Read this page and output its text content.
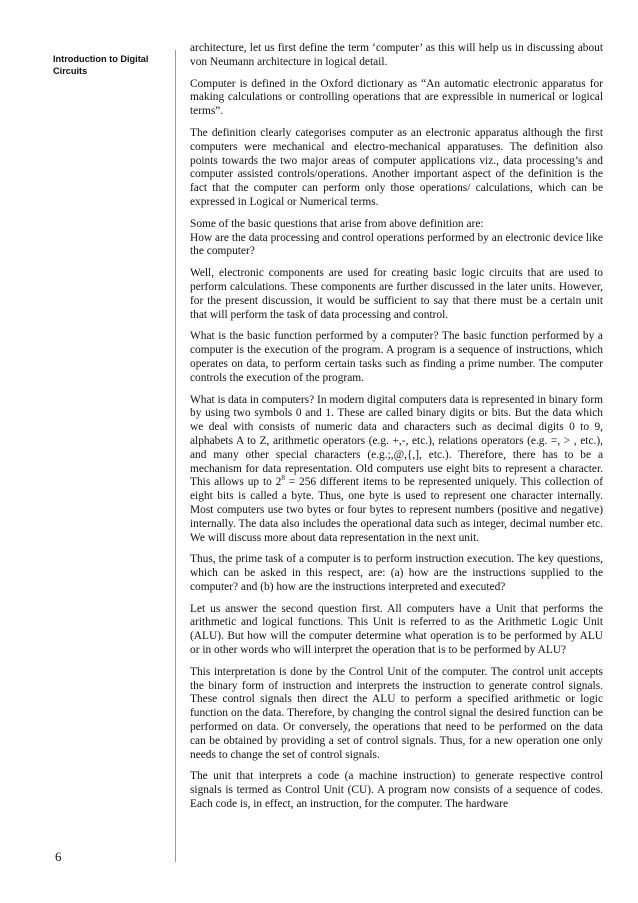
Introduction to Digital Circuits

architecture, let us first define the term ‘computer’ as this will help us in discussing about von Neumann architecture in logical detail.

Computer is defined in the Oxford dictionary as “An automatic electronic apparatus for making calculations or controlling operations that are expressible in numerical or logical terms”.

The definition clearly categorises computer as an electronic apparatus although the first computers were mechanical and electro-mechanical apparatuses. The definition also points towards the two major areas of computer applications viz., data processing’s and computer assisted controls/operations. Another important aspect of the definition is the fact that the computer can perform only those operations/ calculations, which can be expressed in Logical or Numerical terms.

Some of the basic questions that arise from above definition are:

How are the data processing and control operations performed by an electronic device like the computer?

Well, electronic components are used for creating basic logic circuits that are used to perform calculations. These components are further discussed in the later units. However, for the present discussion, it would be sufficient to say that there must be a certain unit that will perform the task of data processing and control.

What is the basic function performed by a computer? The basic function performed by a computer is the execution of the program. A program is a sequence of instructions, which operates on data, to perform certain tasks such as finding a prime number. The computer controls the execution of the program.

What is data in computers? In modern digital computers data is represented in binary form by using two symbols 0 and 1. These are called binary digits or bits. But the data which we deal with consists of numeric data and characters such as decimal digits 0 to 9, alphabets A to Z, arithmetic operators (e.g. +,-, etc.), relations operators (e.g. =, > , etc.), and many other special characters (e.g.;,@,{,], etc.). Therefore, there has to be a mechanism for data representation. Old computers use eight bits to represent a character. This allows up to $2^8 = 256$ different items to be represented uniquely. This collection of eight bits is called a byte. Thus, one byte is used to represent one character internally. Most computers use two bytes or four bytes to represent numbers (positive and negative) internally. The data also includes the operational data such as integer, decimal number etc. We will discuss more about data representation in the next unit.

Thus, the prime task of a computer is to perform instruction execution. The key questions, which can be asked in this respect, are: (a) how are the instructions supplied to the computer? and (b) how are the instructions interpreted and executed?

Let us answer the second question first. All computers have a Unit that performs the arithmetic and logical functions. This Unit is referred to as the Arithmetic Logic Unit (ALU). But how will the computer determine what operation is to be performed by ALU or in other words who will interpret the operation that is to be performed by ALU?

This interpretation is done by the Control Unit of the computer. The control unit accepts the binary form of instruction and interprets the instruction to generate control signals. These control signals then direct the ALU to perform a specified arithmetic or logic function on the data. Therefore, by changing the control signal the desired function can be performed on data. Or conversely, the operations that need to be performed on the data can be obtained by providing a set of control signals. Thus, for a new operation one only needs to change the set of control signals.

The unit that interprets a code (a machine instruction) to generate respective control signals is termed as Control Unit (CU). A program now consists of a sequence of codes. Each code is, in effect, an instruction, for the computer. The hardware

6
